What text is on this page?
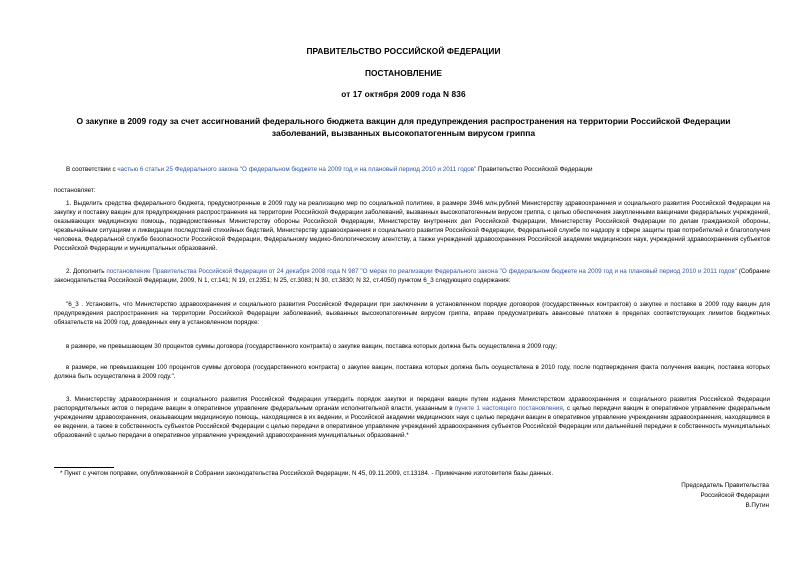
ПРАВИТЕЛЬСТВО РОССИЙСКОЙ ФЕДЕРАЦИИ
ПОСТАНОВЛЕНИЕ
от 17 октября 2009 года N 836
О закупке в 2009 году за счет ассигнований федерального бюджета вакцин для предупреждения распространения на территории Российской Федерации
заболеваний, вызванных высокопатогенным вирусом гриппа
В соответствии с частью 6 статьи 25 Федерального закона "О федеральном бюджете на 2009 год и на плановый период 2010 и 2011 годов" Правительство Российской Федерации
постановляет:
1. Выделить средства федерального бюджета, предусмотренные в 2009 году на реализацию мер по социальной политике, в размере 3946 млн.рублей Министерству здравоохранения и социального развития Российской Федерации на закупку и поставку вакцин для предупреждения распространения на территории Российской Федерации заболеваний, вызванных высокопатогенным вирусом гриппа, с целью обеспечения закупленными вакцинами федеральных учреждений, оказывающих медицинскую помощь, подведомственных Министерству обороны Российской Федерации, Министерству внутренних дел Российской Федерации, Министерству Российской Федерации по делам гражданской обороны, чрезвычайным ситуациям и ликвидации последствий стихийных бедствий, Министерству здравоохранения и социального развития Российской Федерации, Федеральной службе по надзору в сфере защиты прав потребителей и благополучия человека, Федеральной службе безопасности Российской Федерации, Федеральному медико-биологическому агентству, а также учреждений здравоохранения Российской академии медицинских наук, учреждений здравоохранения субъектов Российской Федерации и муниципальных образований.
2. Дополнить постановление Правительства Российской Федерации от 24 декабря 2008 года N 987 "О мерах по реализации Федерального закона "О федеральном бюджете на 2009 год и на плановый период 2010 и 2011 годов" (Собрание законодательства Российской Федерации, 2009, N 1, ст.141; N 19, ст.2351; N 25, ст.3083; N 30, ст.3830; N 32, ст.4050) пунктом 6_3 следующего содержания:
"6_3 . Установить, что Министерство здравоохранения и социального развития Российской Федерации при заключении в установленном порядке договоров (государственных контрактов) о закупке и поставке в 2009 году вакцин для предупреждения распространения на территории Российской Федерации заболеваний, вызванных высокопатогенным вирусом гриппа, вправе предусматривать авансовые платежи в пределах соответствующих лимитов бюджетных обязательств на 2009 год, доведенных ему в установленном порядке:
в размере, не превышающем 30 процентов суммы договора (государственного контракта) о закупке вакцин, поставка которых должна быть осуществлена в 2009 году;
в размере, не превышающем 100 процентов суммы договора (государственного контракта) о закупке вакцин, поставка которых должна быть осуществлена в 2010 году, после подтверждения факта получения вакцин, поставка которых должна быть осуществлена в 2009 году.".
3. Министерству здравоохранения и социального развития Российской Федерации утвердить порядок закупки и передачи вакцин путем издания Министерством здравоохранения и социального развития Российской Федерации распорядительных актов о передаче вакцин в оперативное управление федеральным органам исполнительной власти, указанным в пункте 1 настоящего постановления, с целью передачи вакцин в оперативное управление федеральным учреждениям здравоохранения, оказывающим медицинскую помощь, находящимся в их ведении, и Российской академии медицинских наук с целью передачи вакцин в оперативное управление учреждениям здравоохранения, находящимся в ее ведении, а также в собственность субъектов Российской Федерации с целью передачи в оперативное управление учреждений здравоохранения субъектов Российской Федерации или дальнейшей передачи в собственность муниципальных образований с целью передачи в оперативное управление учреждений здравоохранения муниципальных образований.*
* Пункт с учетом поправки, опубликованной в Собрании законодательства Российской Федерации, N 45, 09.11.2009, ст.13184. - Примечание изготовителя базы данных.
Председатель Правительства
Российской Федерации
В.Путин
